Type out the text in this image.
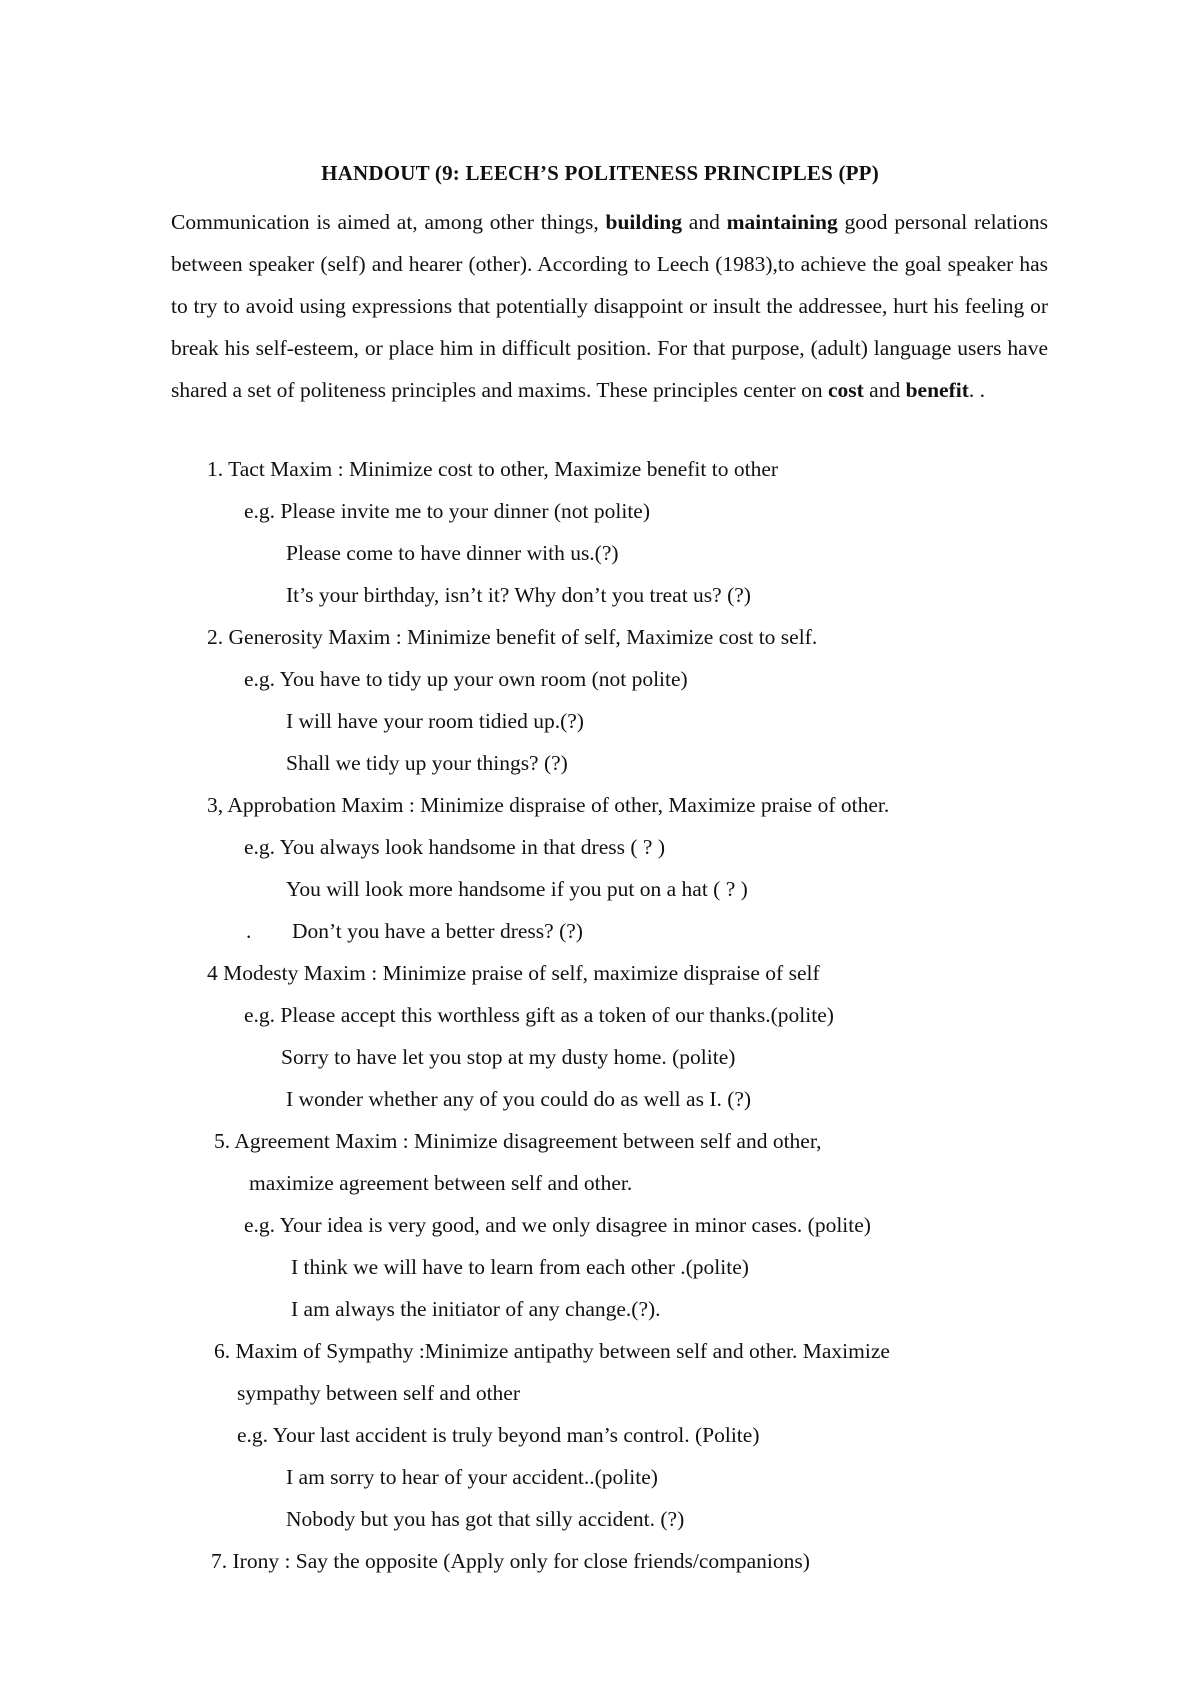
HANDOUT (9: LEECH’S POLITENESS PRINCIPLES (PP)
Communication is aimed at, among other things, building and maintaining good personal relations between speaker (self) and hearer (other). According to Leech (1983),to achieve the goal speaker has to try to avoid using expressions that potentially disappoint or insult the addressee, hurt his feeling or break his self-esteem, or place him in difficult position. For that purpose, (adult) language users have shared a set of politeness principles and maxims. These principles center on cost and benefit. .
1. Tact Maxim : Minimize cost to other, Maximize benefit to other
e.g. Please invite me to your dinner (not polite)
Please come to have dinner with us.(?)
It’s your birthday, isn’t it? Why don’t you treat us? (?)
2. Generosity Maxim : Minimize benefit of self, Maximize cost to self.
e.g. You have to tidy up your own room (not polite)
I will have your room tidied up.(?)
Shall we tidy up your things? (?)
3, Approbation Maxim : Minimize dispraise of other, Maximize praise of other.
e.g. You always look handsome in that dress ( ? )
You will look more handsome if you put on a hat ( ? )
. Don’t you have a better dress? (?)
4 Modesty Maxim : Minimize praise of self, maximize dispraise of self
e.g. Please accept this worthless gift as a token of our thanks.(polite)
Sorry to have let you stop at my dusty home. (polite)
I wonder whether any of you could do as well as I. (?)
5. Agreement Maxim : Minimize disagreement between self and other,
maximize agreement between self and other.
e.g. Your idea is very good, and we only disagree in minor cases. (polite)
I think we will have to learn from each other .(polite)
I am always the initiator of any change.(?).
6. Maxim of Sympathy :Minimize antipathy between self and other. Maximize
sympathy between self and other
e.g. Your last accident is truly beyond man’s control. (Polite)
I am sorry to hear of your accident..(polite)
Nobody but you has got that silly accident. (?)
7. Irony : Say the opposite (Apply only for close friends/companions)
